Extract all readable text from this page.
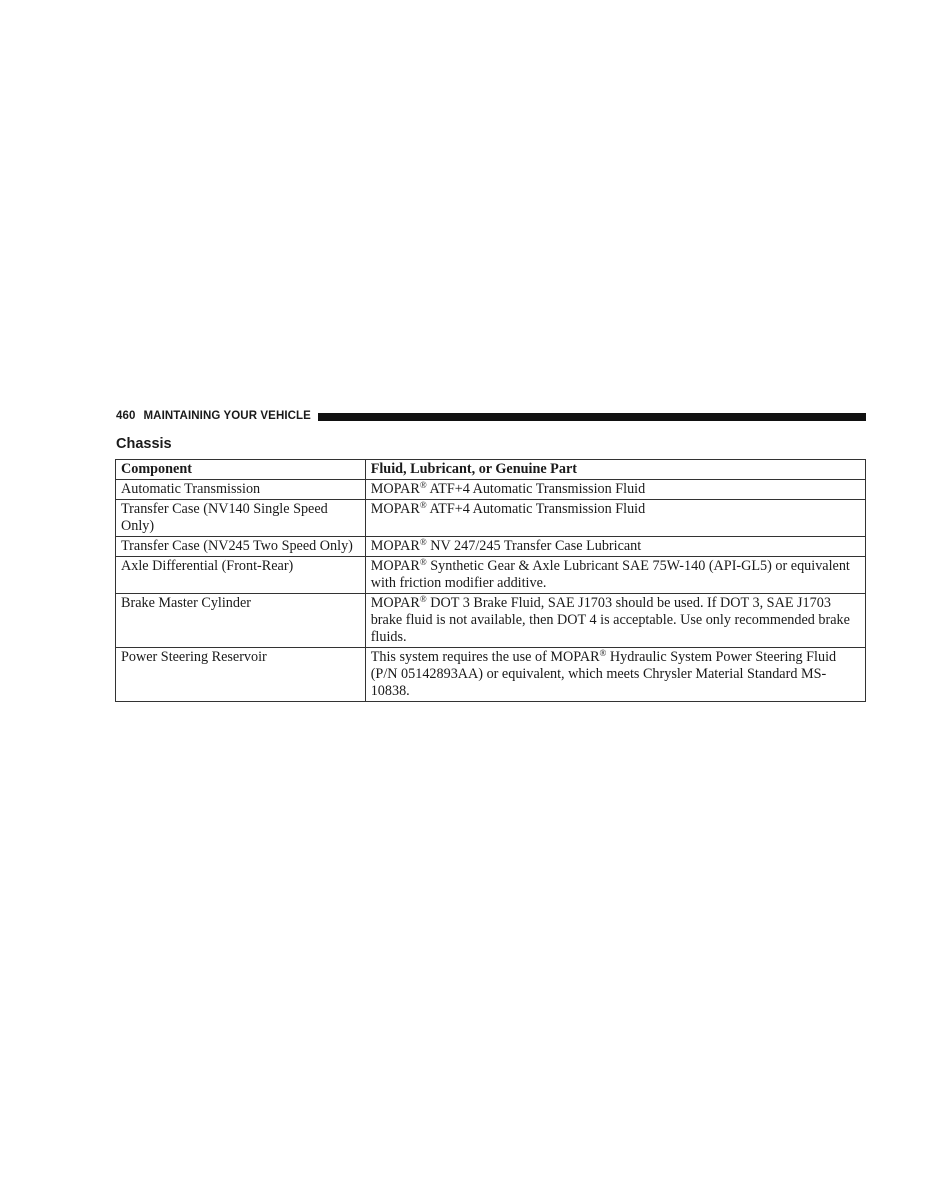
460 MAINTAINING YOUR VEHICLE
Chassis
Component	Fluid, Lubricant, or Genuine Part
Automatic Transmission	MOPAR® ATF+4 Automatic Transmission Fluid
Transfer Case (NV140 Single Speed Only)	MOPAR® ATF+4 Automatic Transmission Fluid
Transfer Case (NV245 Two Speed Only)	MOPAR® NV 247/245 Transfer Case Lubricant
Axle Differential (Front-Rear)	MOPAR® Synthetic Gear & Axle Lubricant SAE 75W-140 (API-GL5) or equivalent with friction modifier additive.
Brake Master Cylinder	MOPAR® DOT 3 Brake Fluid, SAE J1703 should be used. If DOT 3, SAE J1703 brake fluid is not available, then DOT 4 is acceptable. Use only recommended brake fluids.
Power Steering Reservoir	This system requires the use of MOPAR® Hydraulic System Power Steering Fluid (P/N 05142893AA) or equivalent, which meets Chrysler Material Standard MS-10838.
